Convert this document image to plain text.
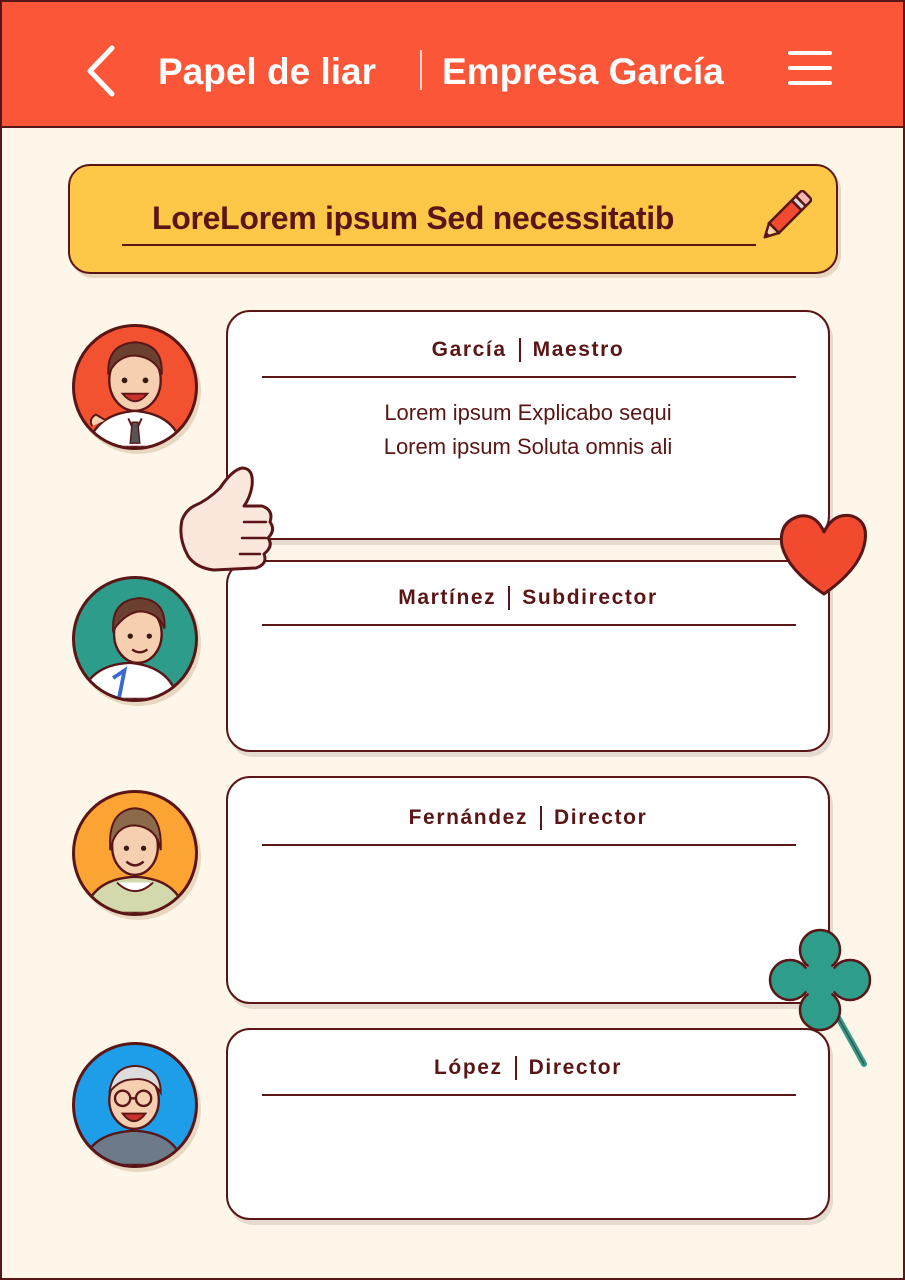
Papel de liar Empresa García
LoreLorem ipsum Sed necessitatib
García Maestro
Lorem ipsum Explicabo sequi
Lorem ipsum Soluta omnis ali
Martínez Subdirector
Fernández Director
López Director
